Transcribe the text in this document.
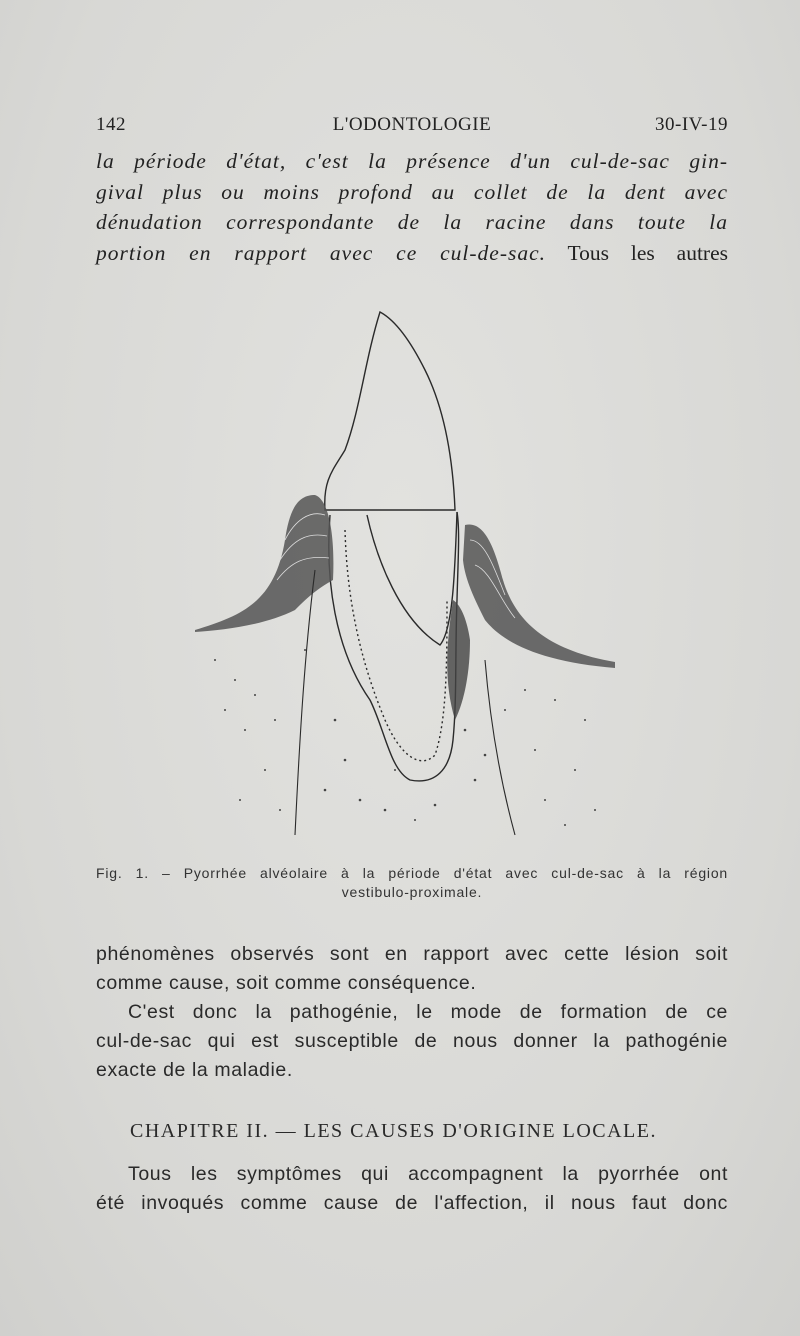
142	L'ODONTOLOGIE	30-IV-19
la période d'état, c'est la présence d'un cul-de-sac gin-
gival plus ou moins profond au collet de la dent avec
dénudation correspondante de la racine dans toute la
portion en rapport avec ce cul-de-sac. Tous les autres
Fig. 1. – Pyorrhée alvéolaire à la période d'état avec cul-de-sac à la région
vestibulo-proximale.
phénomènes observés sont en rapport avec cette lésion soit
comme cause, soit comme conséquence.
C'est donc la pathogénie, le mode de formation de ce
cul-de-sac qui est susceptible de nous donner la pathogénie
exacte de la maladie.
CHAPITRE II. — LES CAUSES D'ORIGINE LOCALE.
Tous les symptômes qui accompagnent la pyorrhée ont
été invoqués comme cause de l'affection, il nous faut donc
